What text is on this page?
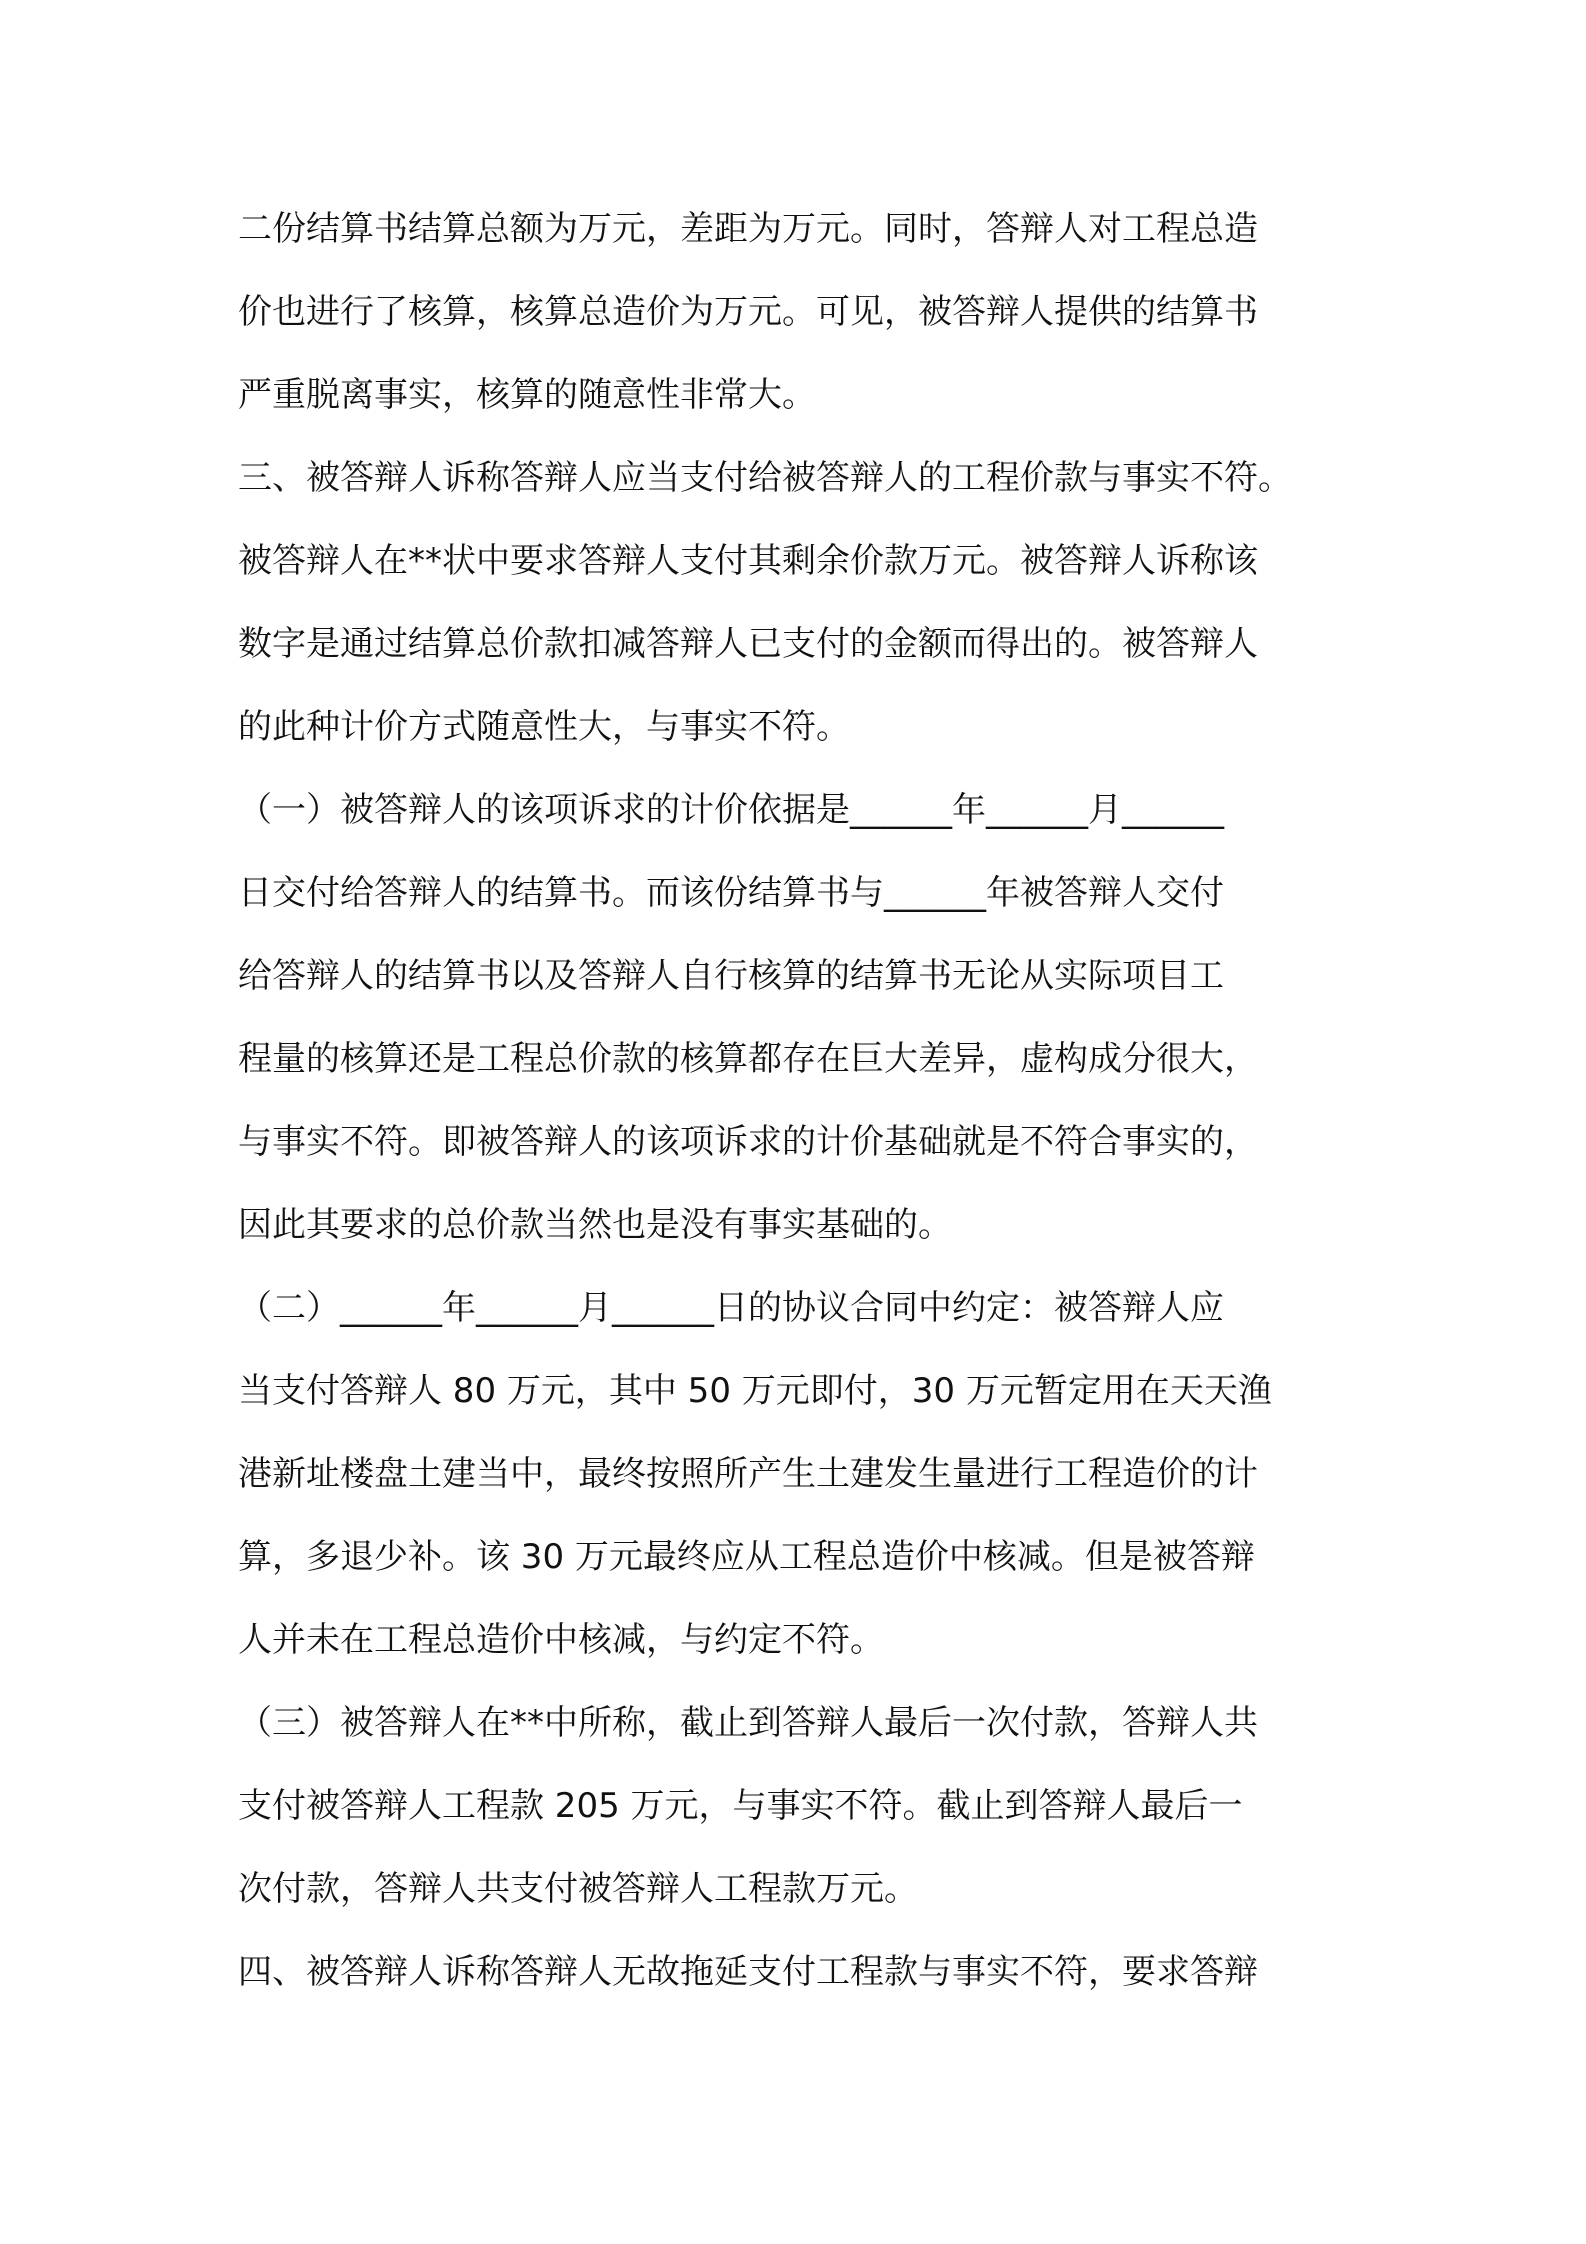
二份结算书结算总额为万元，差距为万元。同时，答辩人对工程总造
价也进行了核算，核算总造价为万元。可见，被答辩人提供的结算书
严重脱离事实，核算的随意性非常大。
三、被答辩人诉称答辩人应当支付给被答辩人的工程价款与事实不符。
被答辩人在**状中要求答辩人支付其剩余价款万元。被答辩人诉称该
数字是通过结算总价款扣减答辩人已支付的金额而得出的。被答辩人
的此种计价方式随意性大，与事实不符。
（一）被答辩人的该项诉求的计价依据是______年______月______
日交付给答辩人的结算书。而该份结算书与______年被答辩人交付
给答辩人的结算书以及答辩人自行核算的结算书无论从实际项目工
程量的核算还是工程总价款的核算都存在巨大差异，虚构成分很大，
与事实不符。即被答辩人的该项诉求的计价基础就是不符合事实的，
因此其要求的总价款当然也是没有事实基础的。
（二）______年______月______日的协议合同中约定：被答辩人应
当支付答辩人 80 万元，其中 50 万元即付，30 万元暂定用在天天渔
港新址楼盘土建当中，最终按照所产生土建发生量进行工程造价的计
算，多退少补。该 30 万元最终应从工程总造价中核减。但是被答辩
人并未在工程总造价中核减，与约定不符。
（三）被答辩人在**中所称，截止到答辩人最后一次付款，答辩人共
支付被答辩人工程款 205 万元，与事实不符。截止到答辩人最后一
次付款，答辩人共支付被答辩人工程款万元。
四、被答辩人诉称答辩人无故拖延支付工程款与事实不符，要求答辩
